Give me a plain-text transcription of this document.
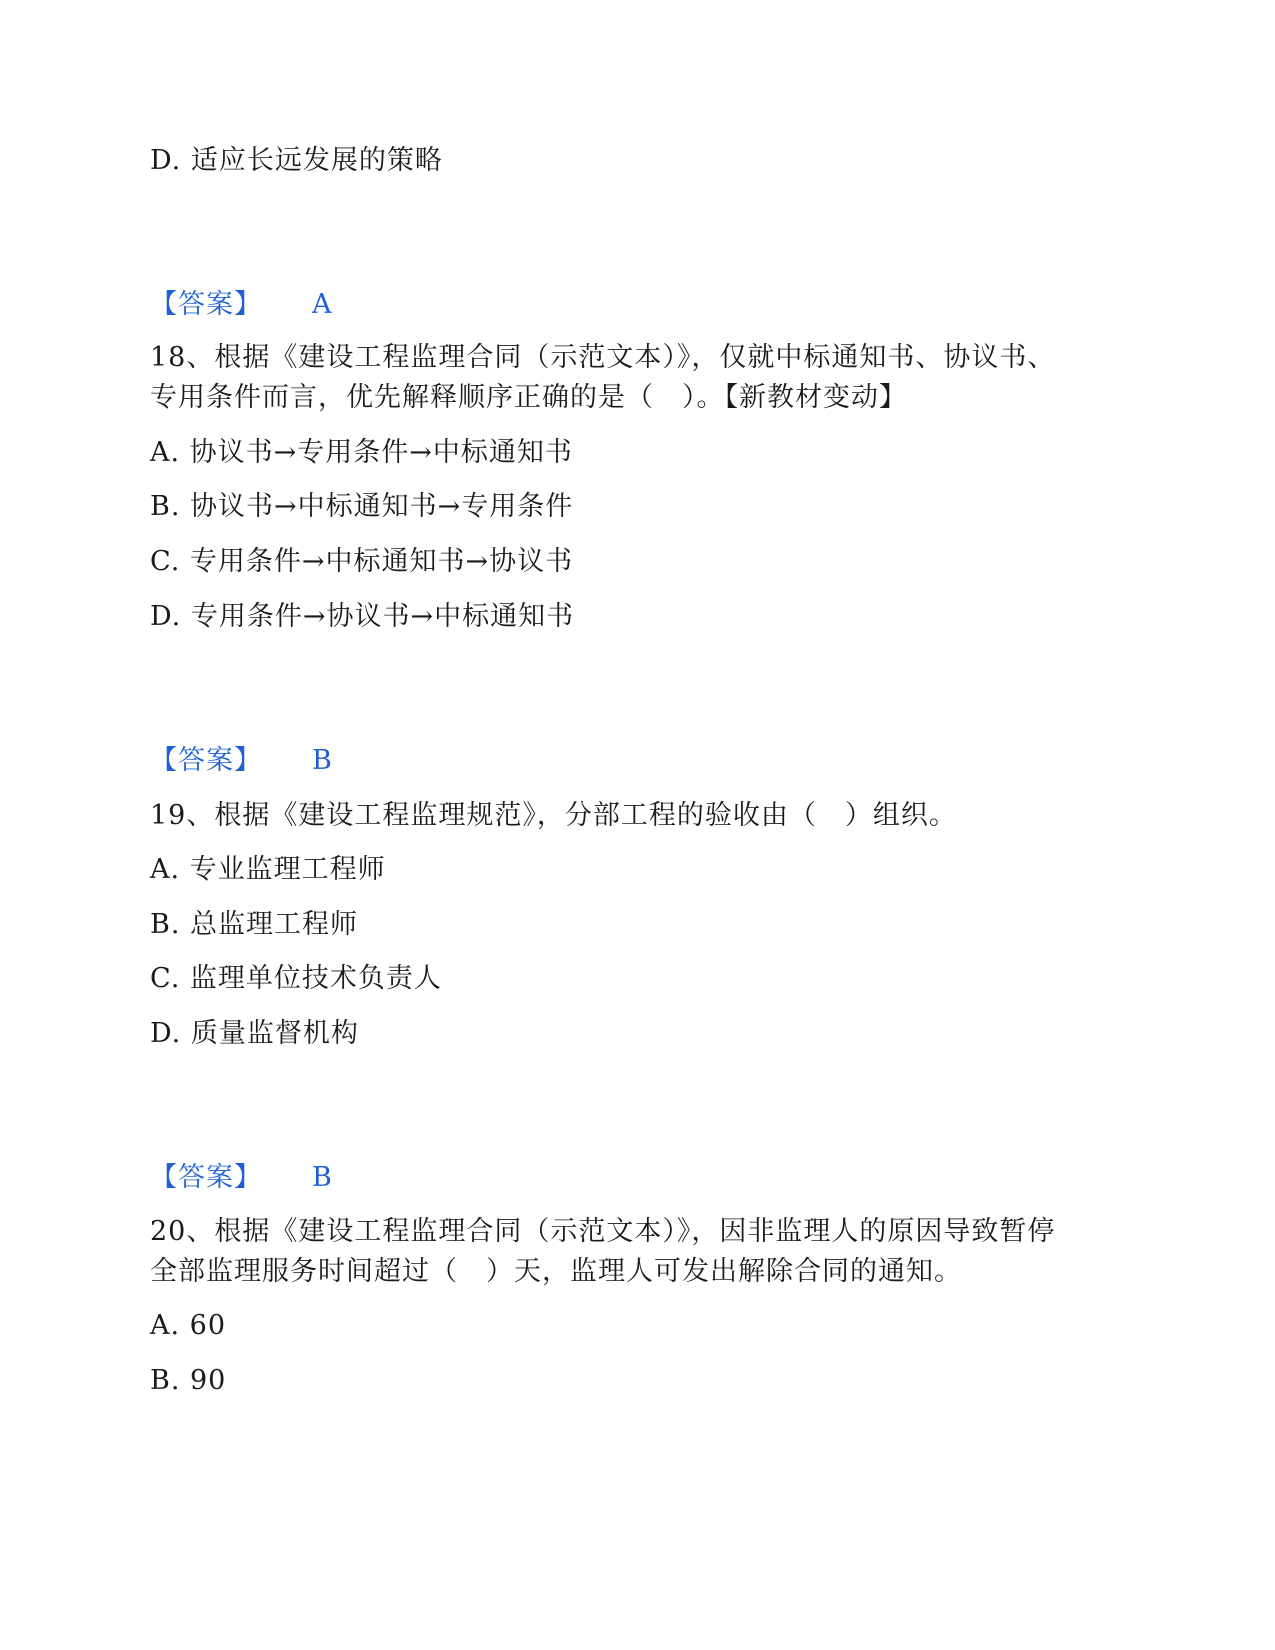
D. 适应长远发展的策略
【答案】 A
18、根据《建设工程监理合同（示范文本）》，仅就中标通知书、协议书、
专用条件而言，优先解释顺序正确的是（　）。【新教材变动】
A. 协议书→专用条件→中标通知书
B. 协议书→中标通知书→专用条件
C. 专用条件→中标通知书→协议书
D. 专用条件→协议书→中标通知书
【答案】 B
19、根据《建设工程监理规范》，分部工程的验收由（　）组织。
A. 专业监理工程师
B. 总监理工程师
C. 监理单位技术负责人
D. 质量监督机构
【答案】 B
20、根据《建设工程监理合同（示范文本）》，因非监理人的原因导致暂停
全部监理服务时间超过（　）天，监理人可发出解除合同的通知。
A. 60
B. 90
